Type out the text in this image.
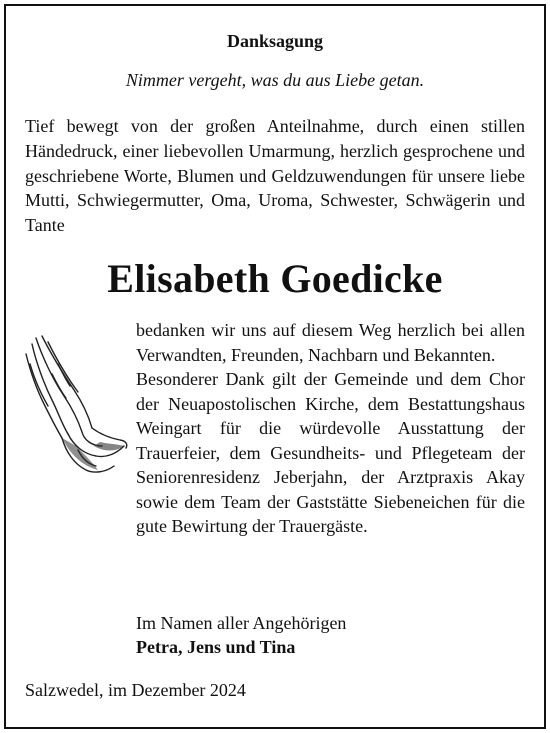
Danksagung
Nimmer vergeht, was du aus Liebe getan.
Tief bewegt von der großen Anteilnahme, durch einen stillen Händedruck, einer liebevollen Umarmung, herzlich gesprochene und geschriebene Worte, Blumen und Geldzuwendungen für unsere liebe Mutti, Schwiegermutter, Oma, Uroma, Schwester, Schwägerin und Tante
Elisabeth Goedicke

bedanken wir uns auf diesem Weg herzlich bei allen Verwandten, Freunden, Nachbarn und Bekannten.

Besonderer Dank gilt der Gemeinde und dem Chor der Neuapostolischen Kirche, dem Bestattungshaus Weingart für die würdevolle Ausstattung der Trauerfeier, dem Gesundheits- und Pflegeteam der Seniorenresidenz Jeberjahn, der Arztpraxis Akay sowie dem Team der Gaststätte Siebeneichen für die gute Bewirtung der Trauergäste.

Im Namen aller Angehörigen
Petra, Jens und Tina
Salzwedel, im Dezember 2024
